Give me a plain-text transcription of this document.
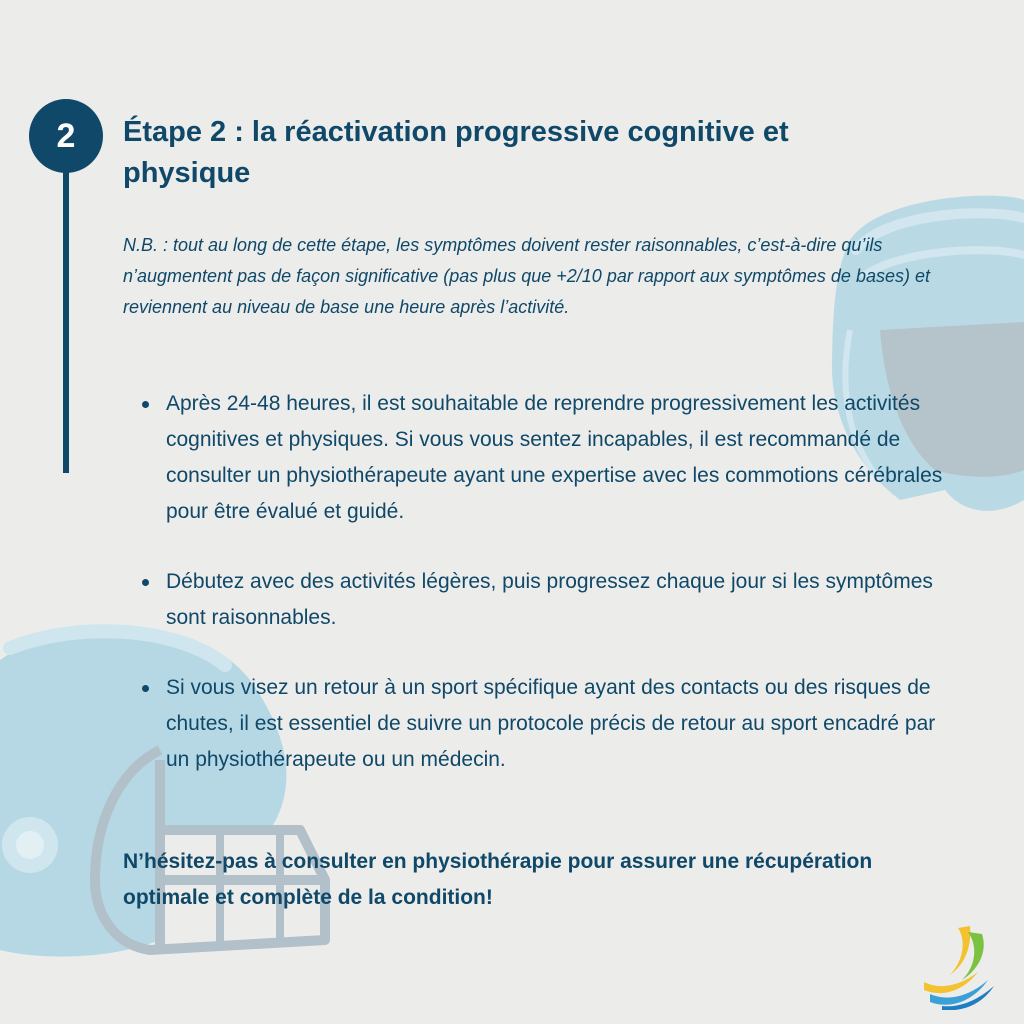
2 Étape 2 : la réactivation progressive cognitive et physique

N.B. : tout au long de cette étape, les symptômes doivent rester raisonnables, c’est-à-dire qu’ils n’augmentent pas de façon significative (pas plus que +2/10 par rapport aux symptômes de bases) et reviennent au niveau de base une heure après l’activité.

Après 24-48 heures, il est souhaitable de reprendre progressivement les activités cognitives et physiques. Si vous vous sentez incapables, il est recommandé de consulter un physiothérapeute ayant une expertise avec les commotions cérébrales pour être évalué et guidé.
Débutez avec des activités légères, puis progressez chaque jour si les symptômes sont raisonnables.
Si vous visez un retour à un sport spécifique ayant des contacts ou des risques de chutes, il est essentiel de suivre un protocole précis de retour au sport encadré par un physiothérapeute ou un médecin.

N’hésitez-pas à consulter en physiothérapie pour assurer une récupération optimale et complète de la condition!
